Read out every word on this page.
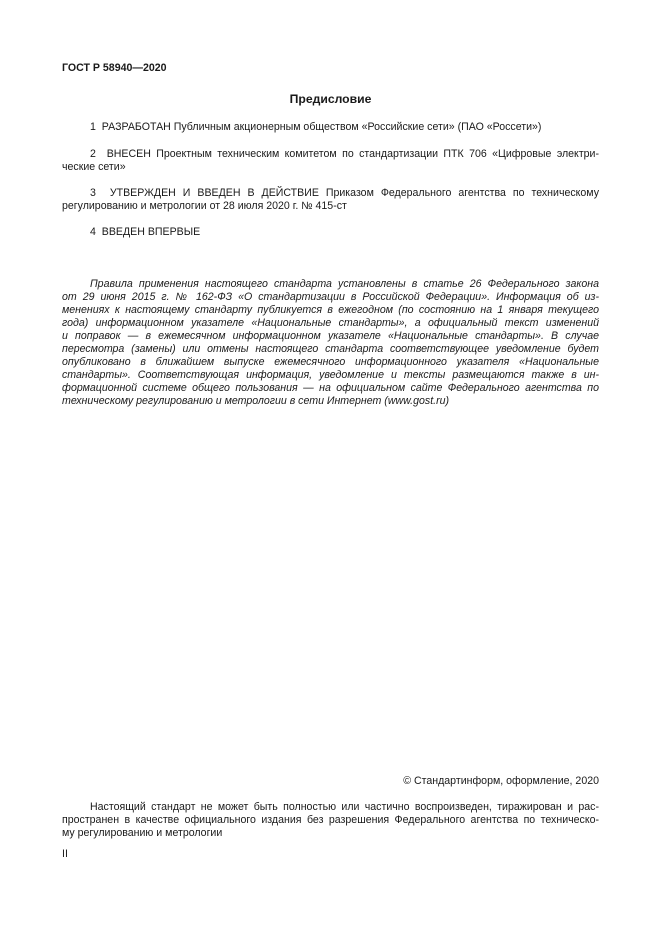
ГОСТ Р 58940—2020
Предисловие
1 РАЗРАБОТАН Публичным акционерным обществом «Российские сети» (ПАО «Россети»)
2 ВНЕСЕН Проектным техническим комитетом по стандартизации ПТК 706 «Цифровые электри-
ческие сети»
3 УТВЕРЖДЕН И ВВЕДЕН В ДЕЙСТВИЕ Приказом Федерального агентства по техническому
регулированию и метрологии от 28 июля 2020 г. № 415-ст
4 ВВЕДЕН ВПЕРВЫЕ
Правила применения настоящего стандарта установлены в статье 26 Федерального закона
от 29 июня 2015 г. № 162-ФЗ «О стандартизации в Российской Федерации». Информация об из-
менениях к настоящему стандарту публикуется в ежегодном (по состоянию на 1 января текущего
года) информационном указателе «Национальные стандарты», а официальный текст изменений
и поправок — в ежемесячном информационном указателе «Национальные стандарты». В случае
пересмотра (замены) или отмены настоящего стандарта соответствующее уведомление будет
опубликовано в ближайшем выпуске ежемесячного информационного указателя «Национальные
стандарты». Соответствующая информация, уведомление и тексты размещаются также в ин-
формационной системе общего пользования — на официальном сайте Федерального агентства по
техническому регулированию и метрологии в сети Интернет (www.gost.ru)
© Стандартинформ, оформление, 2020
Настоящий стандарт не может быть полностью или частично воспроизведен, тиражирован и рас-
пространен в качестве официального издания без разрешения Федерального агентства по техническо-
му регулированию и метрологии
II
